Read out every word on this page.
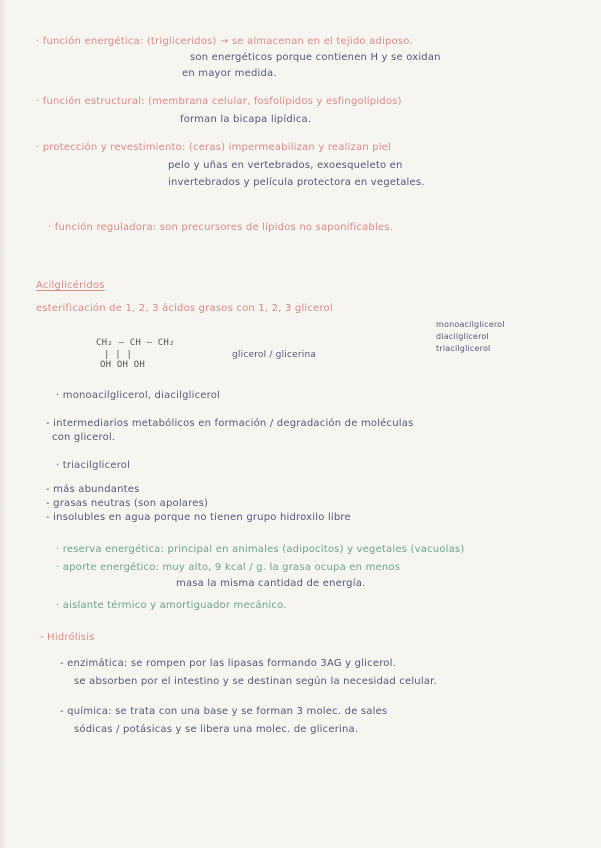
· función energética: (trigliceridos) → se almacenan en el tejido adiposo.
son energéticos porque contienen H y se oxidan
en mayor medida.
· función estructural: (membrana celular, fosfolípidos y esfingolípidos)
forman la bicapa lipídica.
· protección y revestimiento: (ceras) impermeabilizan y realizan piel
pelo y uñas en vertebrados, exoesqueleto en
invertebrados y película protectora en vegetales.
· función reguladora: son precursores de lípidos no saponificables.
Acilglicéridos
esterificación de 1, 2, 3 ácidos grasos con 1, 2, 3 glicerol
CH₂ – CH – CH₂
| | |
OH OH OH
glicerol / glicerina
monoacilglicerol
diacilglicerol
triacilglicerol
· monoacilglicerol, diacilglicerol
- intermediarios metabólicos en formación / degradación de moléculas
con glicerol.
· triacilglicerol
- más abundantes
- grasas neutras (son apolares)
- insolubles en agua porque no tienen grupo hidroxilo libre
· reserva energética: principal en animales (adipocitos) y vegetales (vacuolas)
· aporte energético: muy alto, 9 kcal / g. la grasa ocupa en menos
masa la misma cantidad de energía.
· aislante térmico y amortiguador mecánico.
- Hidrólisis
- enzimática: se rompen por las lipasas formando 3AG y glicerol.
se absorben por el intestino y se destinan según la necesidad celular.
- química: se trata con una base y se forman 3 molec. de sales
sódicas / potásicas y se libera una molec. de glicerina.
